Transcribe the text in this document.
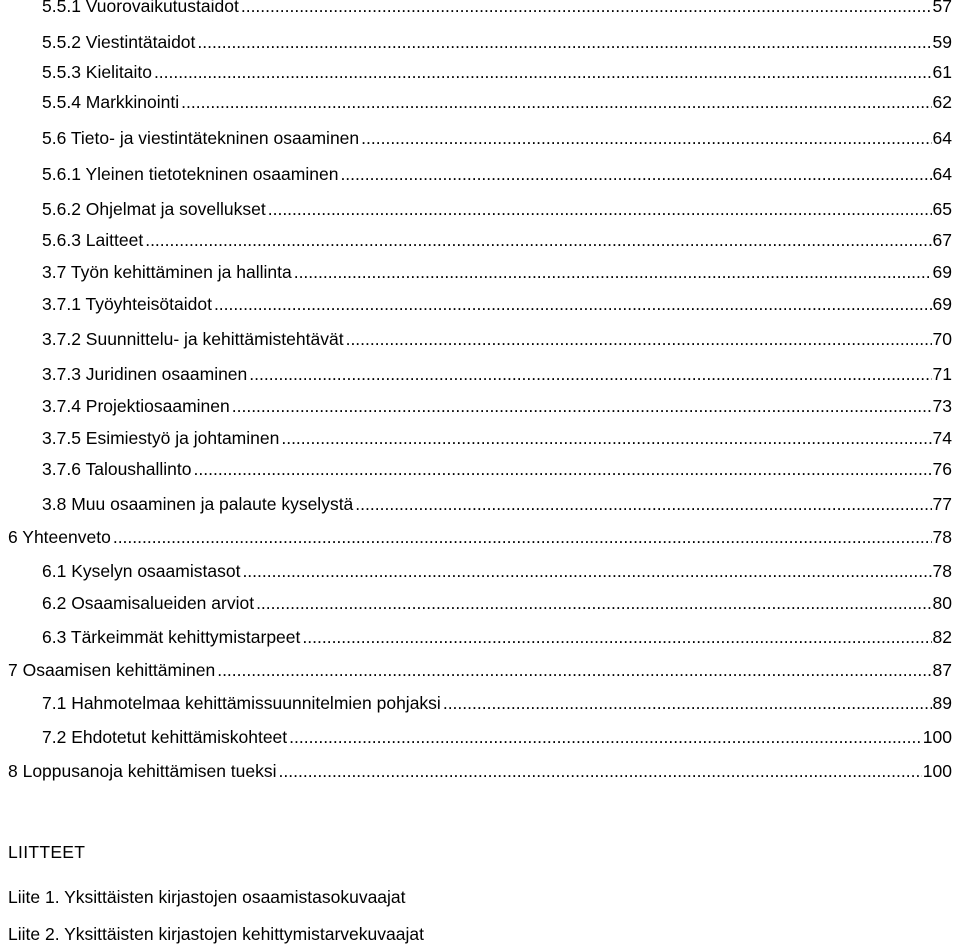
5.5.1 Vuorovaikutustaidot .....	57
5.5.2 Viestintätaidot .....	59
5.5.3 Kielitaito .....	61
5.5.4 Markkinointi .....	62
5.6 Tieto- ja viestintätekninen osaaminen .....	64
5.6.1 Yleinen tietotekninen osaaminen .....	64
5.6.2 Ohjelmat ja sovellukset .....	65
5.6.3 Laitteet .....	67
3.7 Työn kehittäminen ja hallinta .....	69
3.7.1 Työyhteisötaidot .....	69
3.7.2 Suunnittelu- ja kehittämistehtävät .....	70
3.7.3 Juridinen osaaminen .....	71
3.7.4 Projektiosaaminen .....	73
3.7.5 Esimiestyö ja johtaminen .....	74
3.7.6 Taloushallinto .....	76
3.8 Muu osaaminen ja palaute kyselystä .....	77
6 Yhteenveto .....	78
6.1 Kyselyn osaamistasot .....	78
6.2 Osaamisalueiden arviot .....	80
6.3 Tärkeimmät kehittymistarpeet .....	82
7 Osaamisen kehittäminen .....	87
7.1 Hahmotelmaa kehittämissuunnitelmien pohjaksi .....	89
7.2 Ehdotetut kehittämiskohteet .....	100
8 Loppusanoja kehittämisen tueksi .....	100
LIITTEET
Liite 1. Yksittäisten kirjastojen osaamistasokuvaajat
Liite 2. Yksittäisten kirjastojen kehittymistarvekuvaajat
